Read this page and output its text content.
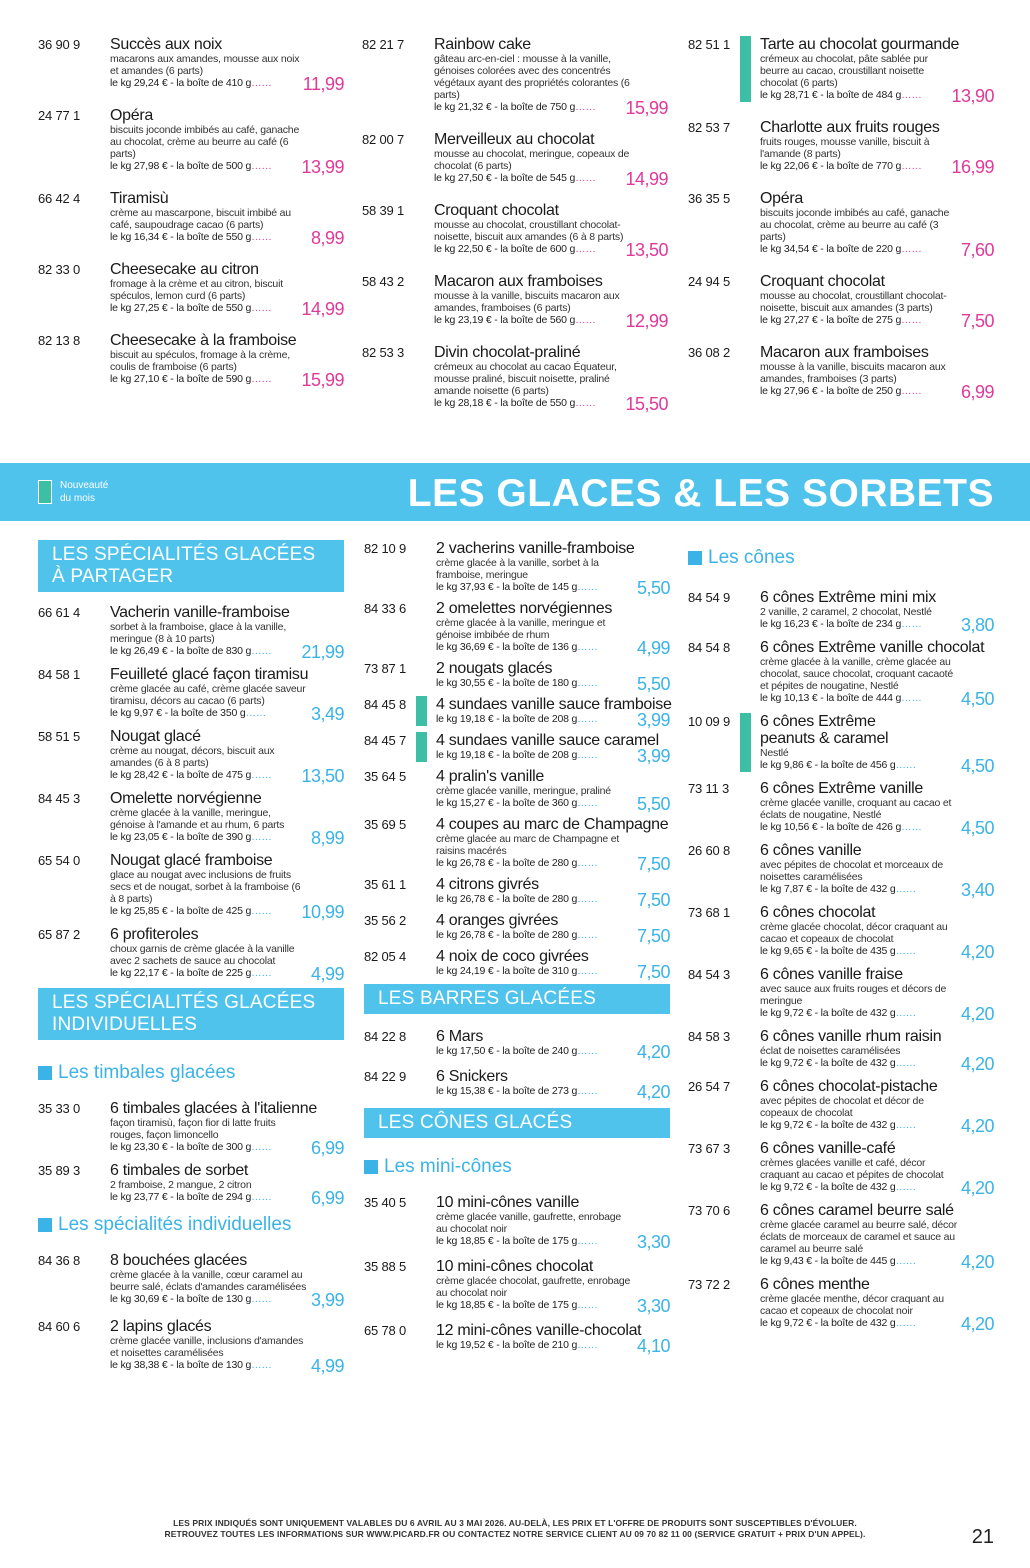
36 90 9 Succès aux noix
macarons aux amandes, mousse aux noix et amandes (6 parts)
le kg 29,24 € - la boîte de 410 g…… 11,99
24 77 1 Opéra
biscuits joconde imbibés au café, ganache au chocolat, crème au beurre au café (6 parts)
le kg 27,98 € - la boîte de 500 g…… 13,99
66 42 4 Tiramisù
crème au mascarpone, biscuit imbibé au café, saupoudrage cacao (6 parts)
le kg 16,34 € - la boîte de 550 g…… 8,99
82 33 0 Cheesecake au citron
fromage à la crème et au citron, biscuit spéculos, lemon curd (6 parts)
le kg 27,25 € - la boîte de 550 g…… 14,99
82 13 8 Cheesecake à la framboise
biscuit au spéculos, fromage à la crème, coulis de framboise (6 parts)
le kg 27,10 € - la boîte de 590 g…… 15,99
82 21 7 Rainbow cake
gâteau arc-en-ciel : mousse à la vanille, génoises colorées avec des concentrés végétaux ayant des propriétés colorantes (6 parts)
le kg 21,32 € - la boîte de 750 g…… 15,99
82 00 7 Merveilleux au chocolat
mousse au chocolat, meringue, copeaux de chocolat (6 parts)
le kg 27,50 € - la boîte de 545 g…… 14,99
58 39 1 Croquant chocolat
mousse au chocolat, croustillant chocolat-noisette, biscuit aux amandes (6 à 8 parts)
le kg 22,50 € - la boîte de 600 g…… 13,50
58 43 2 Macaron aux framboises
mousse à la vanille, biscuits macaron aux amandes, framboises (6 parts)
le kg 23,19 € - la boîte de 560 g…… 12,99
82 53 3 Divin chocolat-praliné
crémeux au chocolat au cacao Équateur, mousse praliné, biscuit noisette, praliné amande noisette (6 parts)
le kg 28,18 € - la boîte de 550 g…… 15,50
82 51 1 Tarte au chocolat gourmande
crémeux au chocolat, pâte sablée pur beurre au cacao, croustillant noisette chocolat (6 parts)
le kg 28,71 € - la boîte de 484 g…… 13,90
82 53 7 Charlotte aux fruits rouges
fruits rouges, mousse vanille, biscuit à l'amande (8 parts)
le kg 22,06 € - la boîte de 770 g…… 16,99
36 35 5 Opéra
biscuits joconde imbibés au café, ganache au chocolat, crème au beurre au café (3 parts)
le kg 34,54 € - la boîte de 220 g…… 7,60
24 94 5 Croquant chocolat
mousse au chocolat, croustillant chocolat-noisette, biscuit aux amandes (3 parts)
le kg 27,27 € - la boîte de 275 g…… 7,50
36 08 2 Macaron aux framboises
mousse à la vanille, biscuits macaron aux amandes, framboises (3 parts)
le kg 27,96 € - la boîte de 250 g…… 6,99
Nouveauté
du mois	LES GLACES & LES SORBETS
LES SPÉCIALITÉS GLACÉES
À PARTAGER
66 61 4 Vacherin vanille-framboise
sorbet à la framboise, glace à la vanille, meringue (8 à 10 parts)
le kg 26,49 € - la boîte de 830 g…… 21,99
84 58 1 Feuilleté glacé façon tiramisu
crème glacée au café, crème glacée saveur tiramisu, décors au cacao (6 parts)
le kg 9,97 € - la boîte de 350 g…… 3,49
58 51 5 Nougat glacé
crème au nougat, décors, biscuit aux amandes (6 à 8 parts)
le kg 28,42 € - la boîte de 475 g…… 13,50
84 45 3 Omelette norvégienne
crème glacée à la vanille, meringue, génoise à l'amande et au rhum, 6 parts
le kg 23,05 € - la boîte de 390 g…… 8,99
65 54 0 Nougat glacé framboise
glace au nougat avec inclusions de fruits secs et de nougat, sorbet à la framboise (6 à 8 parts)
le kg 25,85 € - la boîte de 425 g…… 10,99
65 87 2 6 profiteroles
choux garnis de crème glacée à la vanille avec 2 sachets de sauce au chocolat
le kg 22,17 € - la boîte de 225 g…… 4,99
LES SPÉCIALITÉS GLACÉES
INDIVIDUELLES
Les timbales glacées
35 33 0 6 timbales glacées à l'italienne
façon tiramisù, façon fior di latte fruits rouges, façon limoncello
le kg 23,30 € - la boîte de 300 g…… 6,99
35 89 3 6 timbales de sorbet
2 framboise, 2 mangue, 2 citron
le kg 23,77 € - la boîte de 294 g…… 6,99
Les spécialités individuelles
84 36 8 8 bouchées glacées
crème glacée à la vanille, cœur caramel au beurre salé, éclats d'amandes caramélisées
le kg 30,69 € - la boîte de 130 g…… 3,99
84 60 6 2 lapins glacés
crème glacée vanille, inclusions d'amandes et noisettes caramélisées
le kg 38,38 € - la boîte de 130 g…… 4,99
82 10 9 2 vacherins vanille-framboise
crème glacée à la vanille, sorbet à la framboise, meringue
le kg 37,93 € - la boîte de 145 g…… 5,50
84 33 6 2 omelettes norvégiennes
crème glacée à la vanille, meringue et génoise imbibée de rhum
le kg 36,69 € - la boîte de 136 g…… 4,99
73 87 1 2 nougats glacés
le kg 30,55 € - la boîte de 180 g…… 5,50
84 45 8 4 sundaes vanille sauce framboise
le kg 19,18 € - la boîte de 208 g…… 3,99
84 45 7 4 sundaes vanille sauce caramel
le kg 19,18 € - la boîte de 208 g…… 3,99
35 64 5 4 pralin's vanille
crème glacée vanille, meringue, praliné
le kg 15,27 € - la boîte de 360 g…… 5,50
35 69 5 4 coupes au marc de Champagne
crème glacée au marc de Champagne et raisins macérés
le kg 26,78 € - la boîte de 280 g…… 7,50
35 61 1 4 citrons givrés
le kg 26,78 € - la boîte de 280 g…… 7,50
35 56 2 4 oranges givrées
le kg 26,78 € - la boîte de 280 g…… 7,50
82 05 4 4 noix de coco givrées
le kg 24,19 € - la boîte de 310 g…… 7,50
LES BARRES GLACÉES
84 22 8 6 Mars
le kg 17,50 € - la boîte de 240 g…… 4,20
84 22 9 6 Snickers
le kg 15,38 € - la boîte de 273 g…… 4,20
LES CÔNES GLACÉS
Les mini-cônes
35 40 5 10 mini-cônes vanille
crème glacée vanille, gaufrette, enrobage au chocolat noir
le kg 18,85 € - la boîte de 175 g…… 3,30
35 88 5 10 mini-cônes chocolat
crème glacée chocolat, gaufrette, enrobage au chocolat noir
le kg 18,85 € - la boîte de 175 g…… 3,30
65 78 0 12 mini-cônes vanille-chocolat
le kg 19,52 € - la boîte de 210 g…… 4,10
Les cônes
84 54 9 6 cônes Extrême mini mix
2 vanille, 2 caramel, 2 chocolat, Nestlé
le kg 16,23 € - la boîte de 234 g…… 3,80
84 54 8 6 cônes Extrême vanille chocolat
crème glacée à la vanille, crème glacée au chocolat, sauce chocolat, croquant cacaoté et pépites de nougatine, Nestlé
le kg 10,13 € - la boîte de 444 g…… 4,50
10 09 9 6 cônes Extrême
peanuts & caramel
Nestlé
le kg 9,86 € - la boîte de 456 g…… 4,50
73 11 3 6 cônes Extrême vanille
crème glacée vanille, croquant au cacao et éclats de nougatine, Nestlé
le kg 10,56 € - la boîte de 426 g…… 4,50
26 60 8 6 cônes vanille
avec pépites de chocolat et morceaux de noisettes caramélisées
le kg 7,87 € - la boîte de 432 g…… 3,40
73 68 1 6 cônes chocolat
crème glacée chocolat, décor craquant au cacao et copeaux de chocolat
le kg 9,65 € - la boîte de 435 g…… 4,20
84 54 3 6 cônes vanille fraise
avec sauce aux fruits rouges et décors de meringue
le kg 9,72 € - la boîte de 432 g…… 4,20
84 58 3 6 cônes vanille rhum raisin
éclat de noisettes caramélisées
le kg 9,72 € - la boîte de 432 g…… 4,20
26 54 7 6 cônes chocolat-pistache
avec pépites de chocolat et décor de copeaux de chocolat
le kg 9,72 € - la boîte de 432 g…… 4,20
73 67 3 6 cônes vanille-café
crèmes glacées vanille et café, décor craquant au cacao et pépites de chocolat
le kg 9,72 € - la boîte de 432 g…… 4,20
73 70 6 6 cônes caramel beurre salé
crème glacée caramel au beurre salé, décor éclats de morceaux de caramel et sauce au caramel au beurre salé
le kg 9,43 € - la boîte de 445 g…… 4,20
73 72 2 6 cônes menthe
crème glacée menthe, décor craquant au cacao et copeaux de chocolat noir
le kg 9,72 € - la boîte de 432 g…… 4,20
LES PRIX INDIQUÉS SONT UNIQUEMENT VALABLES DU 6 AVRIL AU 3 MAI 2026. AU-DELÀ, LES PRIX ET L'OFFRE DE PRODUITS SONT SUSCEPTIBLES D'ÉVOLUER.
RETROUVEZ TOUTES LES INFORMATIONS SUR WWW.PICARD.FR OU CONTACTEZ NOTRE SERVICE CLIENT AU 09 70 82 11 00 (SERVICE GRATUIT + PRIX D'UN APPEL).	21
